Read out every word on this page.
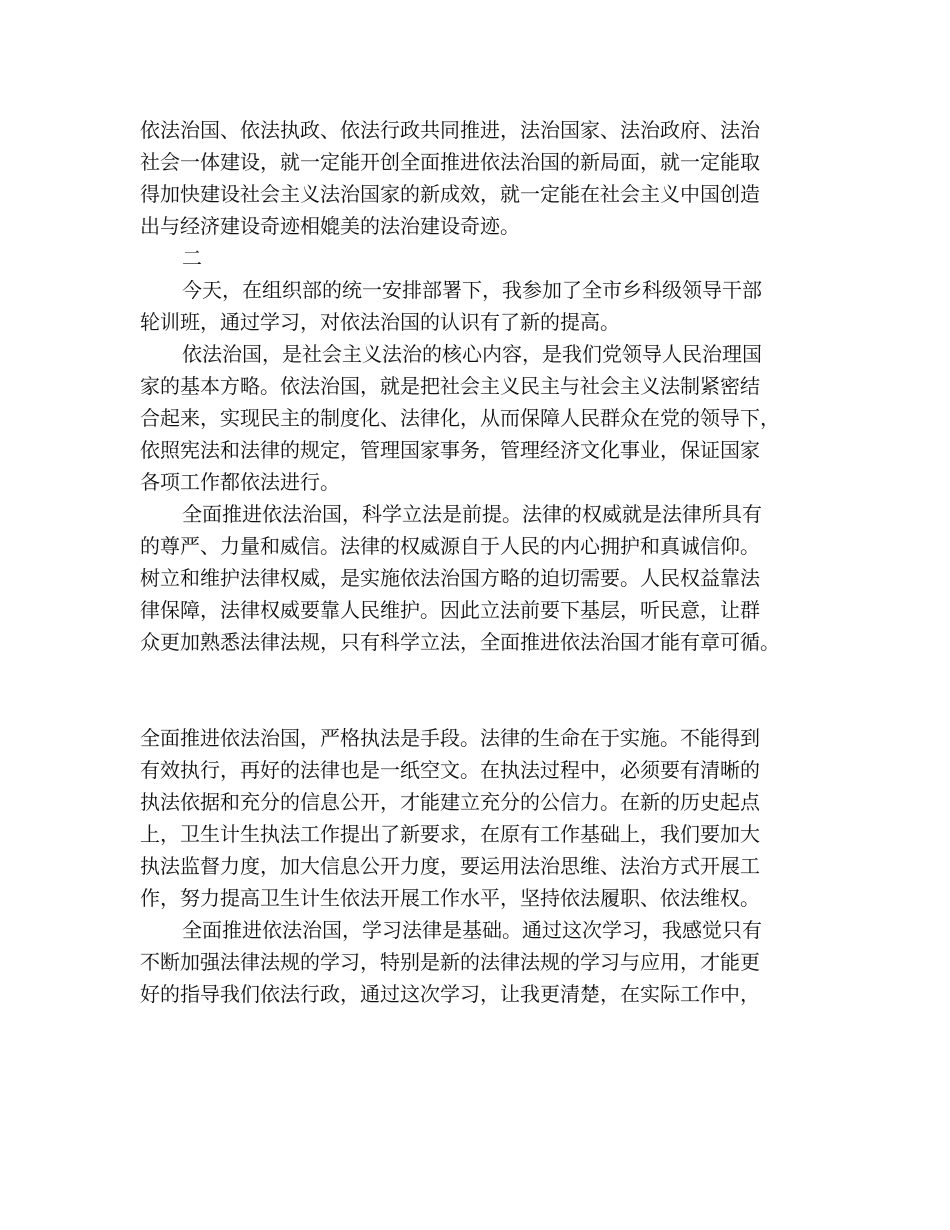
依法治国、依法执政、依法行政共同推进，法治国家、法治政府、法治
社会一体建设，就一定能开创全面推进依法治国的新局面，就一定能取
得加快建设社会主义法治国家的新成效，就一定能在社会主义中国创造
出与经济建设奇迹相媲美的法治建设奇迹。

二

今天，在组织部的统一安排部署下，我参加了全市乡科级领导干部
轮训班，通过学习，对依法治国的认识有了新的提高。

依法治国，是社会主义法治的核心内容，是我们党领导人民治理国
家的基本方略。依法治国，就是把社会主义民主与社会主义法制紧密结
合起来，实现民主的制度化、法律化，从而保障人民群众在党的领导下，
依照宪法和法律的规定，管理国家事务，管理经济文化事业，保证国家
各项工作都依法进行。

全面推进依法治国，科学立法是前提。法律的权威就是法律所具有
的尊严、力量和威信。法律的权威源自于人民的内心拥护和真诚信仰。
树立和维护法律权威，是实施依法治国方略的迫切需要。人民权益靠法
律保障，法律权威要靠人民维护。因此立法前要下基层，听民意，让群
众更加熟悉法律法规，只有科学立法，全面推进依法治国才能有章可循。

全面推进依法治国，严格执法是手段。法律的生命在于实施。不能得到
有效执行，再好的法律也是一纸空文。在执法过程中，必须要有清晰的
执法依据和充分的信息公开，才能建立充分的公信力。在新的历史起点
上，卫生计生执法工作提出了新要求，在原有工作基础上，我们要加大
执法监督力度，加大信息公开力度，要运用法治思维、法治方式开展工
作，努力提高卫生计生依法开展工作水平，坚持依法履职、依法维权。

全面推进依法治国，学习法律是基础。通过这次学习，我感觉只有
不断加强法律法规的学习，特别是新的法律法规的学习与应用，才能更
好的指导我们依法行政，通过这次学习，让我更清楚，在实际工作中，
